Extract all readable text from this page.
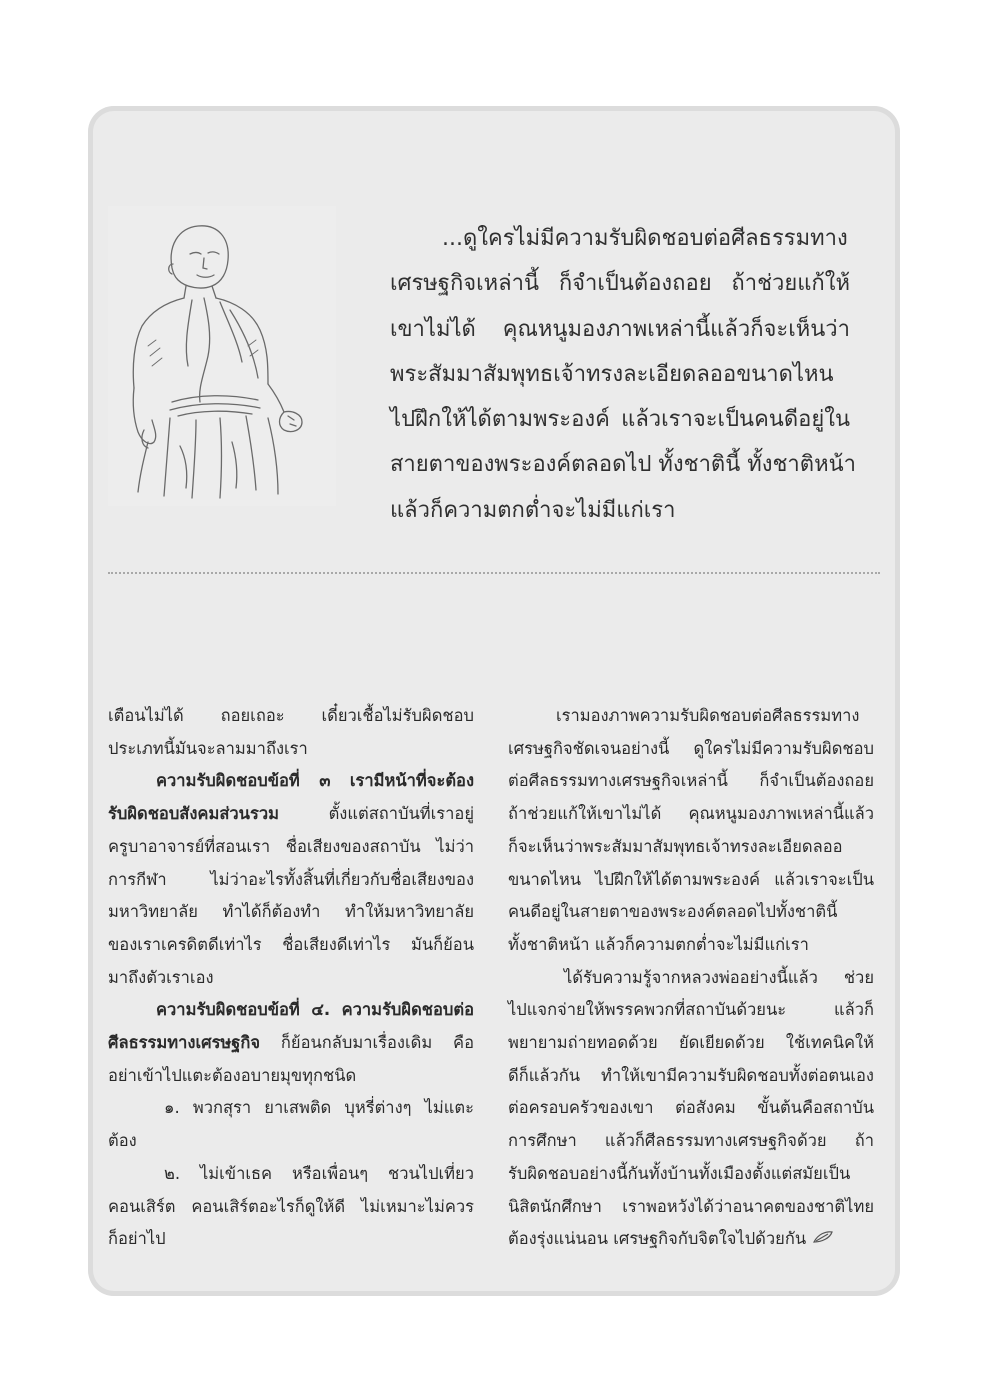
...ดูใครไม่มีความรับผิดชอบต่อศีลธรรมทาง
เศรษฐกิจเหล่านี้ ก็จำเป็นต้องถอย ถ้าช่วยแก้ให้
เขาไม่ได้ คุณหนูมองภาพเหล่านี้แล้วก็จะเห็นว่า
พระสัมมาสัมพุทธเจ้าทรงละเอียดลออขนาดไหน
ไปฝึกให้ได้ตามพระองค์ แล้วเราจะเป็นคนดีอยู่ใน
สายตาของพระองค์ตลอดไป ทั้งชาตินี้ ทั้งชาติหน้า
แล้วก็ความตกต่ำจะไม่มีแก่เรา
เตือนไม่ได้ ถอยเถอะ เดี๋ยวเชื้อไม่รับผิดชอบ
ประเภทนี้มันจะลามมาถึงเรา
ความรับผิดชอบข้อที่ ๓ เรามีหน้าที่จะต้อง
รับผิดชอบสังคมส่วนรวม ตั้งแต่สถาบันที่เราอยู่
ครูบาอาจารย์ที่สอนเรา ชื่อเสียงของสถาบัน ไม่ว่า
การกีฬา ไม่ว่าอะไรทั้งสิ้นที่เกี่ยวกับชื่อเสียงของ
มหาวิทยาลัย ทำได้ก็ต้องทำ ทำให้มหาวิทยาลัย
ของเราเครดิตดีเท่าไร ชื่อเสียงดีเท่าไร มันก็ย้อน
มาถึงตัวเราเอง
ความรับผิดชอบข้อที่ ๔. ความรับผิดชอบต่อ
ศีลธรรมทางเศรษฐกิจ ก็ย้อนกลับมาเรื่องเดิม คือ
อย่าเข้าไปแตะต้องอบายมุขทุกชนิด
๑. พวกสุรา ยาเสพติด บุหรี่ต่างๆ ไม่แตะ
ต้อง
๒. ไม่เข้าเธค หรือเพื่อนๆ ชวนไปเที่ยว
คอนเสิร์ต คอนเสิร์ตอะไรก็ดูให้ดี ไม่เหมาะไม่ควร
ก็อย่าไป
เรามองภาพความรับผิดชอบต่อศีลธรรมทาง
เศรษฐกิจชัดเจนอย่างนี้ ดูใครไม่มีความรับผิดชอบ
ต่อศีลธรรมทางเศรษฐกิจเหล่านี้ ก็จำเป็นต้องถอย
ถ้าช่วยแก้ให้เขาไม่ได้ คุณหนูมองภาพเหล่านี้แล้ว
ก็จะเห็นว่าพระสัมมาสัมพุทธเจ้าทรงละเอียดลออ
ขนาดไหน ไปฝึกให้ได้ตามพระองค์ แล้วเราจะเป็น
คนดีอยู่ในสายตาของพระองค์ตลอดไปทั้งชาตินี้
ทั้งชาติหน้า แล้วก็ความตกต่ำจะไม่มีแก่เรา
ได้รับความรู้จากหลวงพ่ออย่างนี้แล้ว ช่วย
ไปแจกจ่ายให้พรรคพวกที่สถาบันด้วยนะ แล้วก็
พยายามถ่ายทอดด้วย ยัดเยียดด้วย ใช้เทคนิคให้
ดีก็แล้วกัน ทำให้เขามีความรับผิดชอบทั้งต่อตนเอง
ต่อครอบครัวของเขา ต่อสังคม ขั้นต้นคือสถาบัน
การศึกษา แล้วก็ศีลธรรมทางเศรษฐกิจด้วย ถ้า
รับผิดชอบอย่างนี้กันทั้งบ้านทั้งเมืองตั้งแต่สมัยเป็น
นิสิตนักศึกษา เราพอหวังได้ว่าอนาคตของชาติไทย
ต้องรุ่งแน่นอน เศรษฐกิจกับจิตใจไปด้วยกัน
